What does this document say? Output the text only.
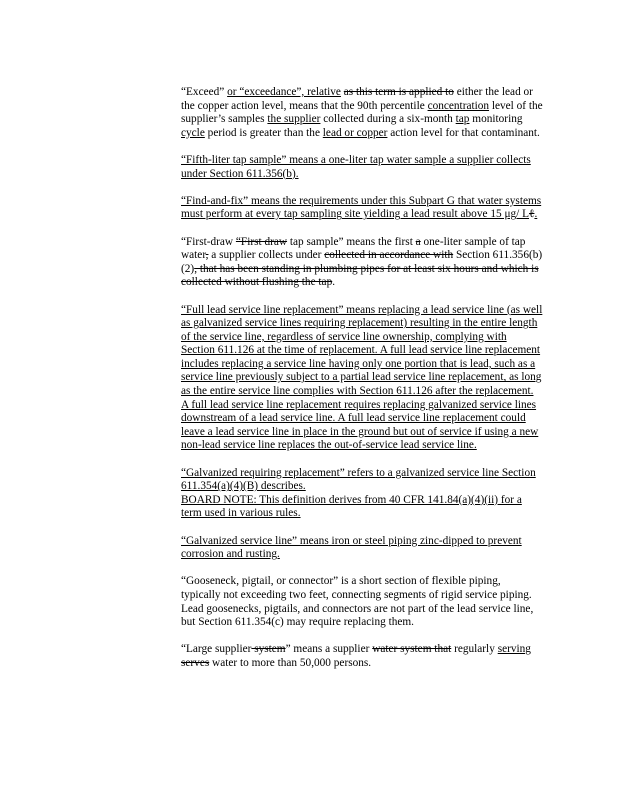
“Exceed” or “exceedance”, relative as this term is applied to either the lead or the copper action level, means that the 90th percentile concentration level of the supplier’s samples the supplier collected during a six-month tap monitoring cycle period is greater than the lead or copper action level for that contaminant.

“Fifth-liter tap sample” means a one-liter tap water sample a supplier collects under Section 611.356(b).

“Find-and-fix” means the requirements under this Subpart G that water systems must perform at every tap sampling site yielding a lead result above 15 μg/ Lℓ.

“First-draw “First draw tap sample” means the first a one-liter sample of tap water, a supplier collects under collected in accordance with Section 611.356(b)(2), that has been standing in plumbing pipes for at least six hours and which is collected without flushing the tap.

“Full lead service line replacement” means replacing a lead service line (as well as galvanized service lines requiring replacement) resulting in the entire length of the service line, regardless of service line ownership, complying with Section 611.126 at the time of replacement. A full lead service line replacement includes replacing a service line having only one portion that is lead, such as a service line previously subject to a partial lead service line replacement, as long as the entire service line complies with Section 611.126 after the replacement. A full lead service line replacement requires replacing galvanized service lines downstream of a lead service line. A full lead service line replacement could leave a lead service line in place in the ground but out of service if using a new non-lead service line replaces the out-of-service lead service line.

“Galvanized requiring replacement” refers to a galvanized service line Section 611.354(a)(4)(B) describes.
BOARD NOTE: This definition derives from 40 CFR 141.84(a)(4)(ii) for a term used in various rules.

“Galvanized service line” means iron or steel piping zinc-dipped to prevent corrosion and rusting.

“Gooseneck, pigtail, or connector” is a short section of flexible piping, typically not exceeding two feet, connecting segments of rigid service piping. Lead goosenecks, pigtails, and connectors are not part of the lead service line, but Section 611.354(c) may require replacing them.

“Large supplier system” means a supplier water system that regularly serving serves water to more than 50,000 persons.
